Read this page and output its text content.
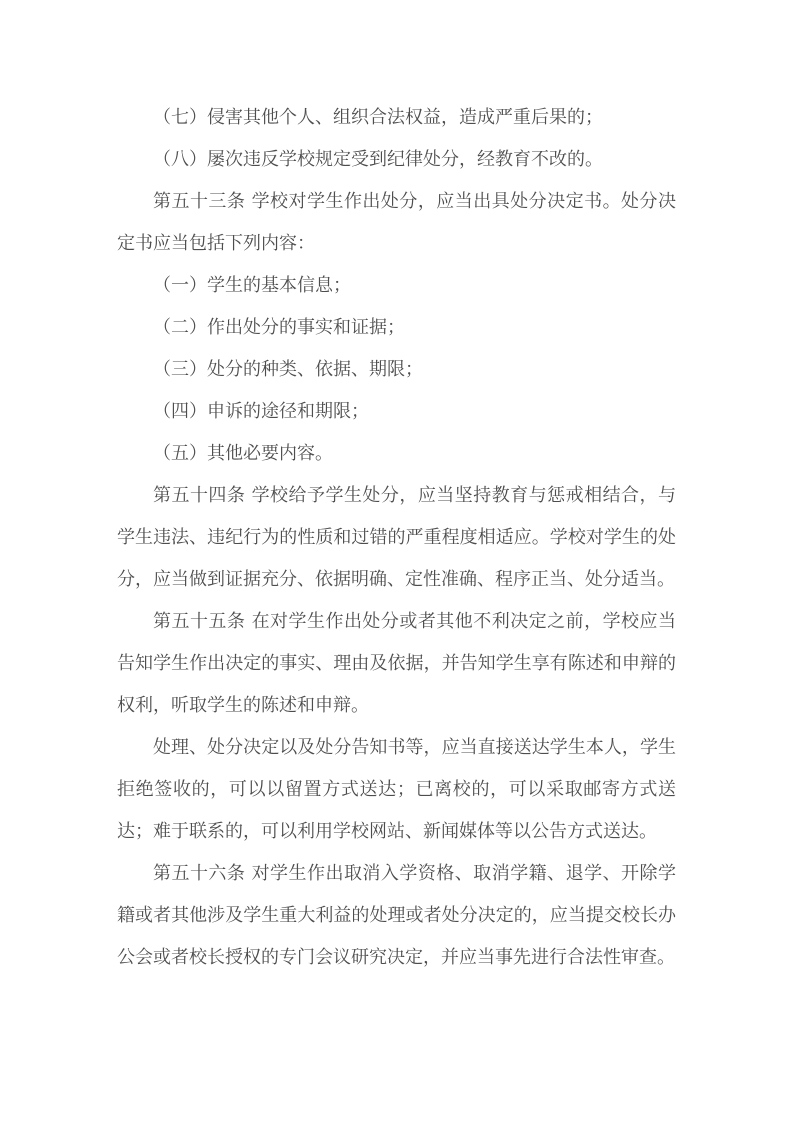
（七）侵害其他个人、组织合法权益，造成严重后果的；

（八）屡次违反学校规定受到纪律处分，经教育不改的。

第五十三条 学校对学生作出处分，应当出具处分决定书。处分决定书应当包括下列内容：

（一）学生的基本信息；

（二）作出处分的事实和证据；

（三）处分的种类、依据、期限；

（四）申诉的途径和期限；

（五）其他必要内容。

第五十四条 学校给予学生处分，应当坚持教育与惩戒相结合，与学生违法、违纪行为的性质和过错的严重程度相适应。学校对学生的处分，应当做到证据充分、依据明确、定性准确、程序正当、处分适当。

第五十五条 在对学生作出处分或者其他不利决定之前，学校应当告知学生作出决定的事实、理由及依据，并告知学生享有陈述和申辩的权利，听取学生的陈述和申辩。

处理、处分决定以及处分告知书等，应当直接送达学生本人，学生拒绝签收的，可以以留置方式送达；已离校的，可以采取邮寄方式送达；难于联系的，可以利用学校网站、新闻媒体等以公告方式送达。

第五十六条 对学生作出取消入学资格、取消学籍、退学、开除学籍或者其他涉及学生重大利益的处理或者处分决定的，应当提交校长办公会或者校长授权的专门会议研究决定，并应当事先进行合法性审查。
